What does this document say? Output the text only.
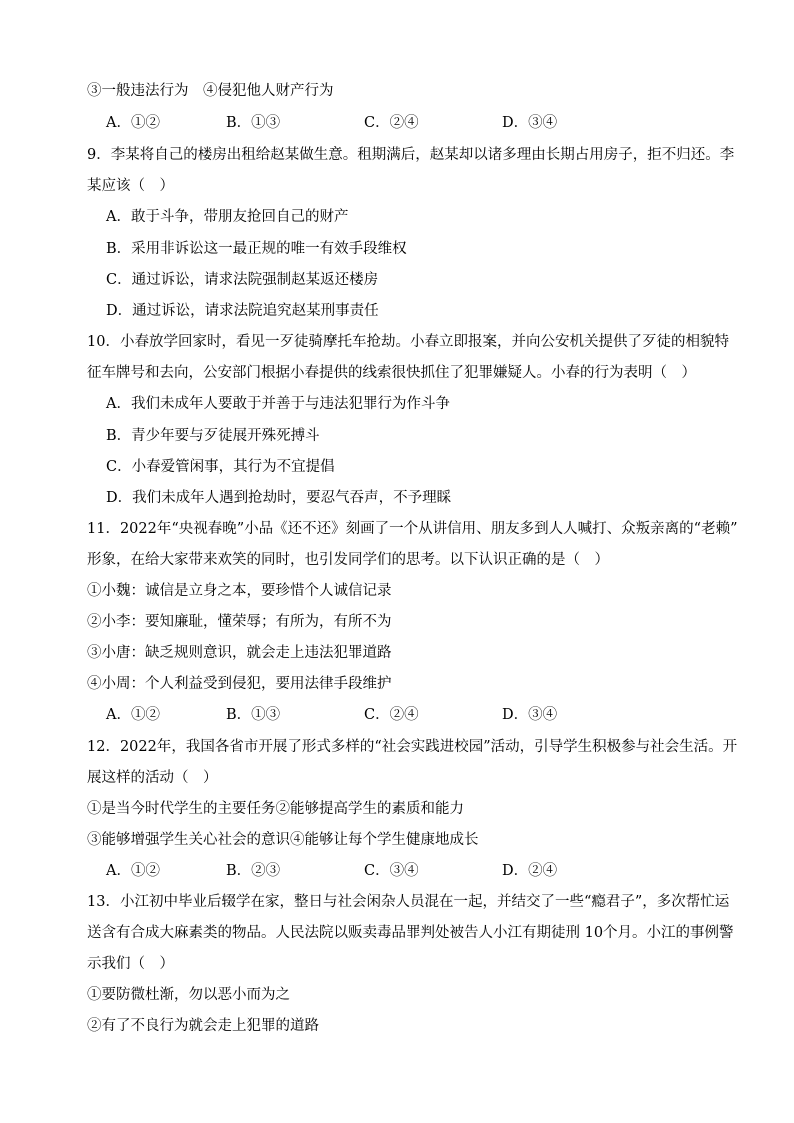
③一般违法行为　④侵犯他人财产行为
A．①②	B．①③	C．②④	D．③④
9．李某将自己的楼房出租给赵某做生意。租期满后，赵某却以诸多理由长期占用房子，拒不归还。李
某应该（　）
A．敢于斗争，带朋友抢回自己的财产
B．采用非诉讼这一最正规的唯一有效手段维权
C．通过诉讼，请求法院强制赵某返还楼房
D．通过诉讼，请求法院追究赵某刑事责任
10．小春放学回家时，看见一歹徒骑摩托车抢劫。小春立即报案，并向公安机关提供了歹徒的相貌特
征车牌号和去向，公安部门根据小春提供的线索很快抓住了犯罪嫌疑人。小春的行为表明（　）
A．我们未成年人要敢于并善于与违法犯罪行为作斗争
B．青少年要与歹徒展开殊死搏斗
C．小春爱管闲事，其行为不宜提倡
D．我们未成年人遇到抢劫时，要忍气吞声，不予理睬
11．2022年“央视春晚”小品《还不还》刻画了一个从讲信用、朋友多到人人喊打、众叛亲离的“老赖”
形象，在给大家带来欢笑的同时，也引发同学们的思考。以下认识正确的是（　）
①小魏：诚信是立身之本，要珍惜个人诚信记录
②小李：要知廉耻，懂荣辱；有所为，有所不为
③小唐：缺乏规则意识，就会走上违法犯罪道路
④小周：个人利益受到侵犯，要用法律手段维护
A．①②	B．①③	C．②④	D．③④
12．2022年，我国各省市开展了形式多样的“社会实践进校园”活动，引导学生积极参与社会生活。开
展这样的活动（　）
①是当今时代学生的主要任务②能够提高学生的素质和能力
③能够增强学生关心社会的意识④能够让每个学生健康地成长
A．①②	B．②③	C．③④	D．②④
13．小江初中毕业后辍学在家，整日与社会闲杂人员混在一起，并结交了一些“瘾君子”，多次帮忙运
送含有合成大麻素类的物品。人民法院以贩卖毒品罪判处被告人小江有期徒刑 10个月。小江的事例警
示我们（　）
①要防微杜渐，勿以恶小而为之
②有了不良行为就会走上犯罪的道路
